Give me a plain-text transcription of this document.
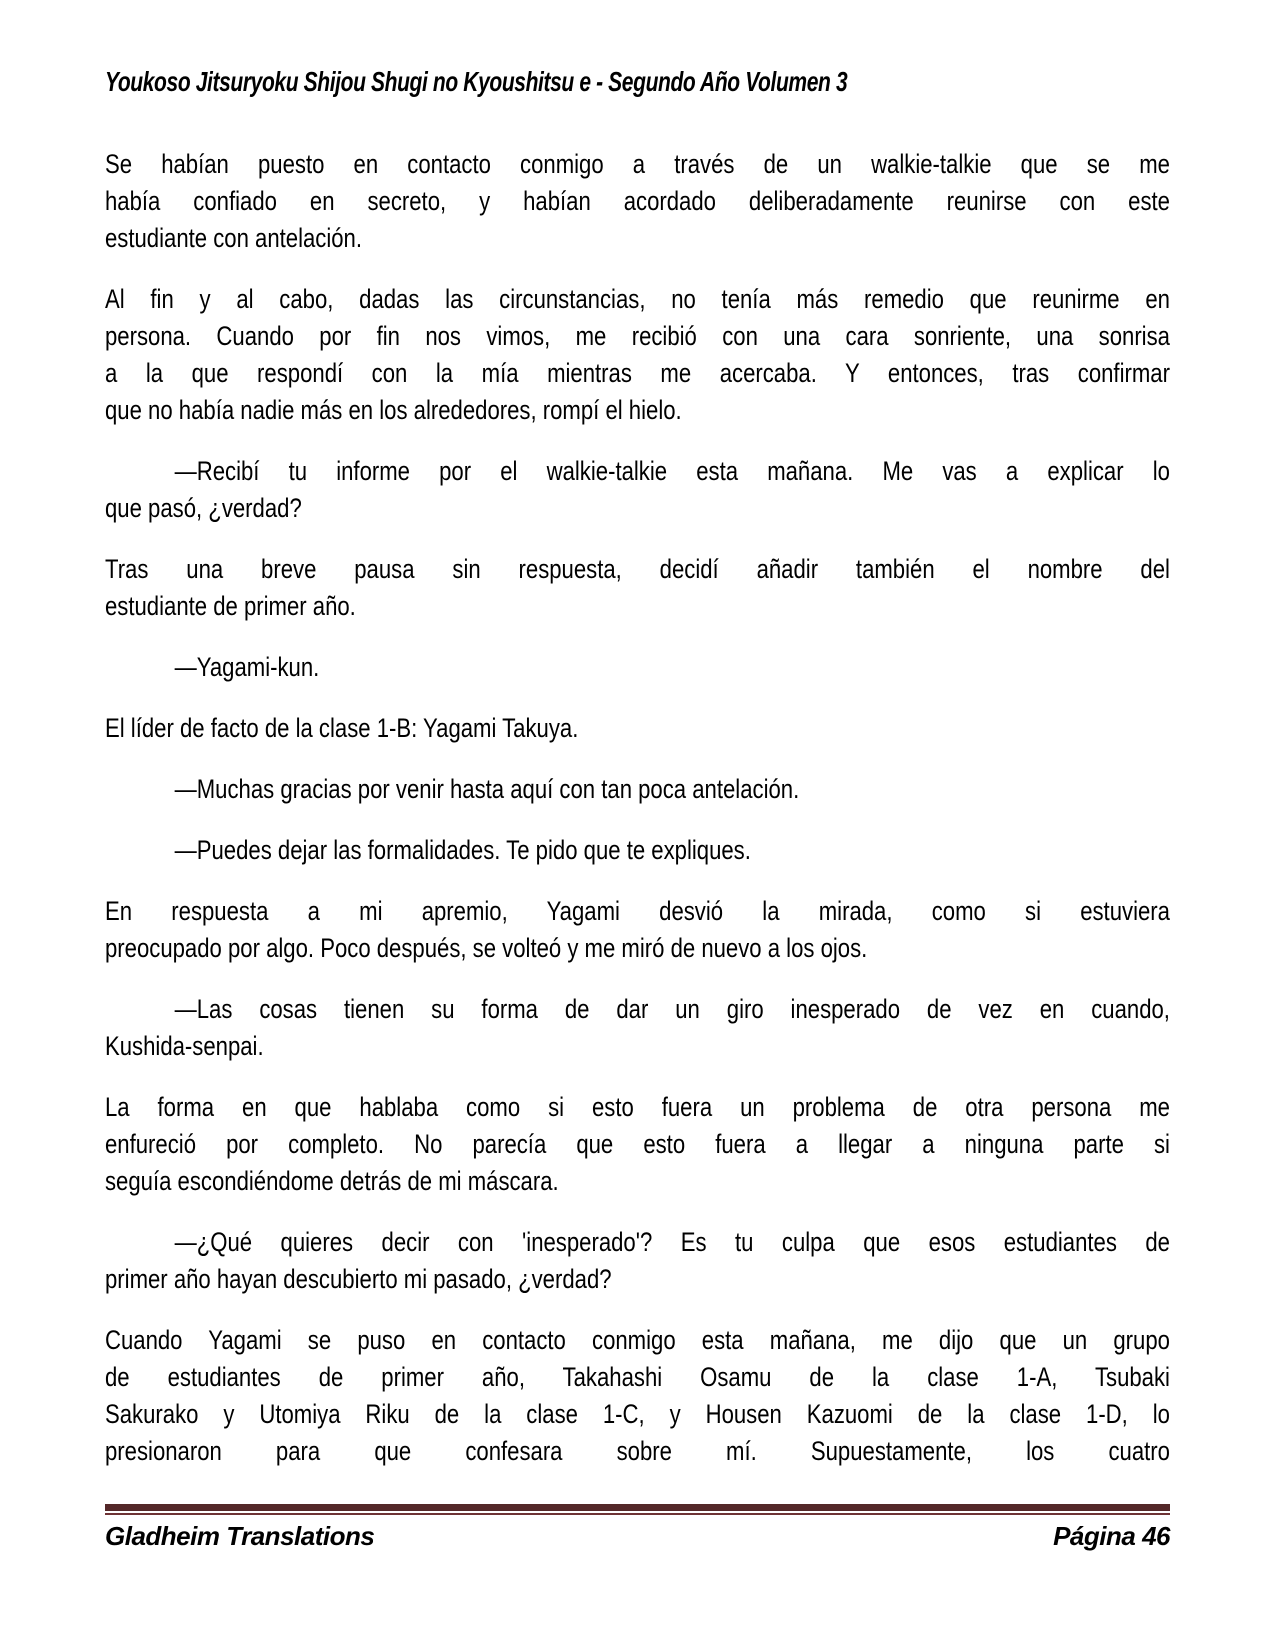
Youkoso Jitsuryoku Shijou Shugi no Kyoushitsu e - Segundo Año Volumen 3
Se habían puesto en contacto conmigo a través de un walkie-talkie que se me
había confiado en secreto, y habían acordado deliberadamente reunirse con este
estudiante con antelación.
Al fin y al cabo, dadas las circunstancias, no tenía más remedio que reunirme en
persona. Cuando por fin nos vimos, me recibió con una cara sonriente, una sonrisa
a la que respondí con la mía mientras me acercaba. Y entonces, tras confirmar
que no había nadie más en los alrededores, rompí el hielo.
—Recibí tu informe por el walkie-talkie esta mañana. Me vas a explicar lo
que pasó, ¿verdad?
Tras una breve pausa sin respuesta, decidí añadir también el nombre del
estudiante de primer año.
—Yagami-kun.
El líder de facto de la clase 1-B: Yagami Takuya.
—Muchas gracias por venir hasta aquí con tan poca antelación.
—Puedes dejar las formalidades. Te pido que te expliques.
En respuesta a mi apremio, Yagami desvió la mirada, como si estuviera
preocupado por algo. Poco después, se volteó y me miró de nuevo a los ojos.
—Las cosas tienen su forma de dar un giro inesperado de vez en cuando,
Kushida-senpai.
La forma en que hablaba como si esto fuera un problema de otra persona me
enfureció por completo. No parecía que esto fuera a llegar a ninguna parte si
seguía escondiéndome detrás de mi máscara.
—¿Qué quieres decir con 'inesperado'? Es tu culpa que esos estudiantes de
primer año hayan descubierto mi pasado, ¿verdad?
Cuando Yagami se puso en contacto conmigo esta mañana, me dijo que un grupo
de estudiantes de primer año, Takahashi Osamu de la clase 1-A, Tsubaki
Sakurako y Utomiya Riku de la clase 1-C, y Housen Kazuomi de la clase 1-D, lo
presionaron para que confesara sobre mí. Supuestamente, los cuatro
Gladheim Translations	Página 46
